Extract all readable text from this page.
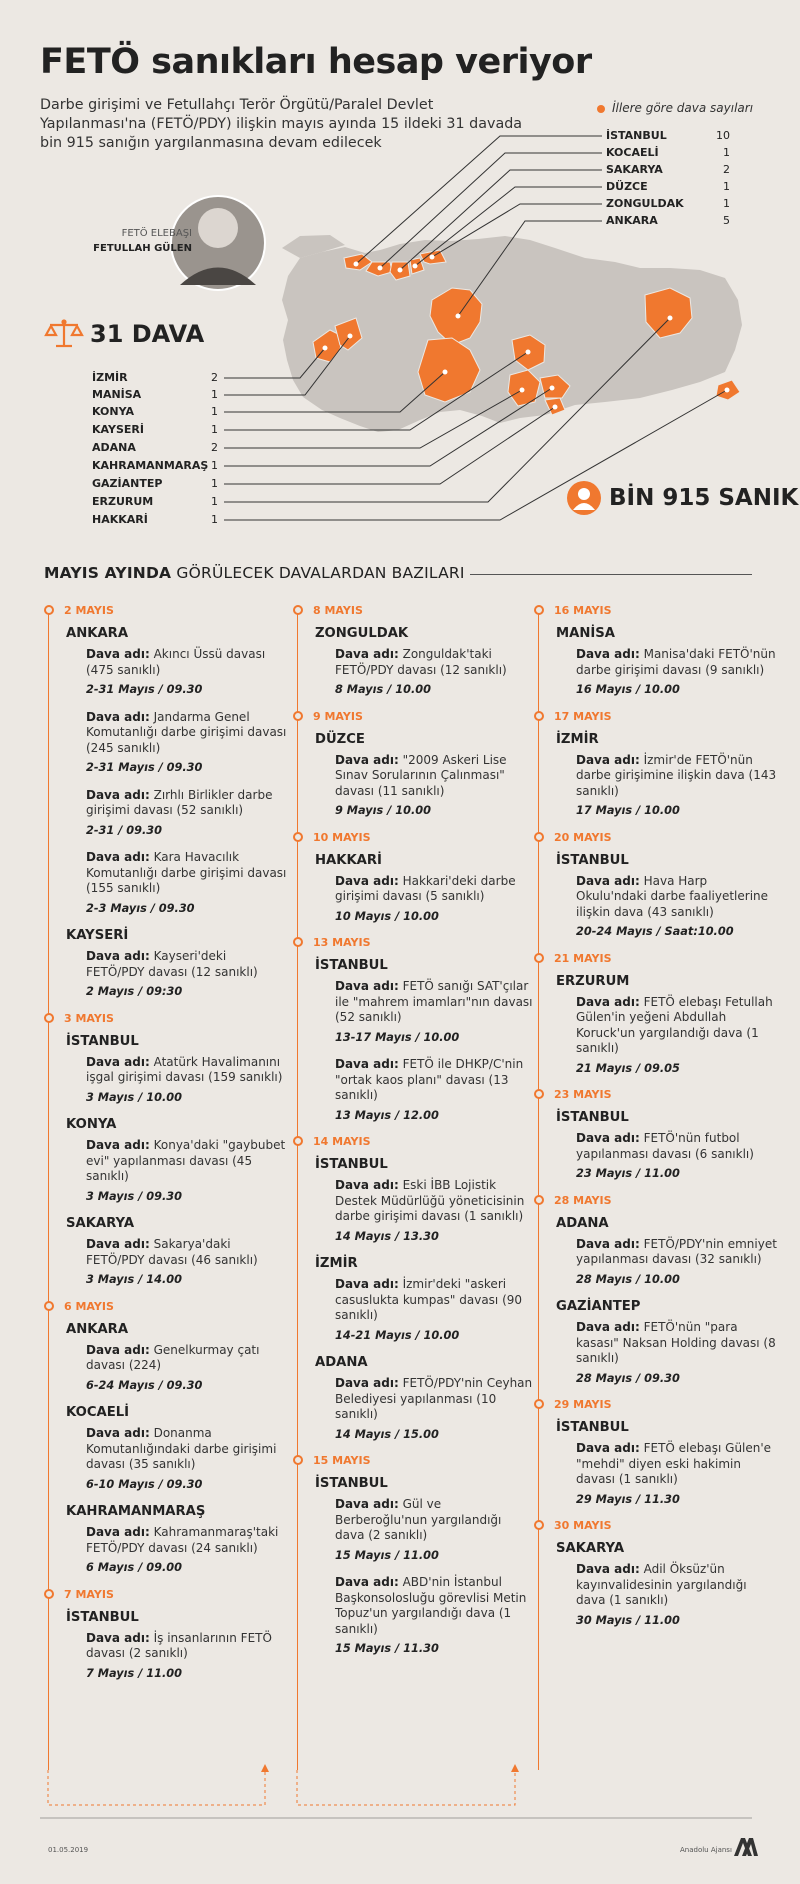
FETÖ sanıkları hesap veriyor
Darbe girişimi ve Fetullahçı Terör Örgütü/Paralel Devlet Yapılanması'na (FETÖ/PDY) ilişkin mayıs ayında 15 ildeki 31 davada bin 915 sanığın yargılanmasına devam edilecek
İllere göre dava sayıları
İSTANBUL	10
KOCAELİ	1
SAKARYA	2
DÜZCE	1
ZONGULDAK	1
ANKARA	5
FETÖ ELEBAŞI
FETULLAH GÜLEN
31 DAVA
İZMİR	2
MANİSA	1
KONYA	1
KAYSERİ	1
ADANA	2
KAHRAMANMARAŞ 1
GAZİANTEP	1
ERZURUM	1
HAKKARİ	1
BİN 915 SANIK
MAYIS AYINDA GÖRÜLECEK DAVALARDAN BAZILARI
2 MAYIS
ANKARA
Dava adı: Akıncı Üssü davası (475 sanıklı)
2-31 Mayıs / 09.30
Dava adı: Jandarma Genel Komutanlığı darbe girişimi davası (245 sanıklı)
2-31 Mayıs / 09.30
Dava adı: Zırhlı Birlikler darbe girişimi davası (52 sanıklı)
2-31 / 09.30
Dava adı: Kara Havacılık Komutanlığı darbe girişimi davası (155 sanıklı)
2-3 Mayıs / 09.30
KAYSERİ
Dava adı: Kayseri'deki FETÖ/PDY davası (12 sanıklı)
2 Mayıs / 09:30
3 MAYIS
İSTANBUL
Dava adı: Atatürk Havalimanını işgal girişimi davası (159 sanıklı)
3 Mayıs / 10.00
KONYA
Dava adı: Konya'daki "gaybubet evi" yapılanması davası (45 sanıklı)
3 Mayıs / 09.30
SAKARYA
Dava adı: Sakarya'daki FETÖ/PDY davası (46 sanıklı)
3 Mayıs / 14.00
6 MAYIS
ANKARA
Dava adı: Genelkurmay çatı davası (224)
6-24 Mayıs / 09.30
KOCAELİ
Dava adı: Donanma Komutanlığındaki darbe girişimi davası (35 sanıklı)
6-10 Mayıs / 09.30
KAHRAMANMARAŞ
Dava adı: Kahramanmaraş'taki FETÖ/PDY davası (24 sanıklı)
6 Mayıs / 09.00
7 MAYIS
İSTANBUL
Dava adı: İş insanlarının FETÖ davası (2 sanıklı)
7 Mayıs / 11.00
8 MAYIS
ZONGULDAK
Dava adı: Zonguldak'taki FETÖ/PDY davası (12 sanıklı)
8 Mayıs / 10.00
9 MAYIS
DÜZCE
Dava adı: "2009 Askeri Lise Sınav Sorularının Çalınması" davası (11 sanıklı)
9 Mayıs / 10.00
10 MAYIS
HAKKARİ
Dava adı: Hakkari'deki darbe girişimi davası (5 sanıklı)
10 Mayıs / 10.00
13 MAYIS
İSTANBUL
Dava adı: FETÖ sanığı SAT'çılar ile "mahrem imamları"nın davası (52 sanıklı)
13-17 Mayıs / 10.00
Dava adı: FETÖ ile DHKP/C'nin "ortak kaos planı" davası (13 sanıklı)
13 Mayıs / 12.00
14 MAYIS
İSTANBUL
Dava adı: Eski İBB Lojistik Destek Müdürlüğü yöneticisinin darbe girişimi davası (1 sanıklı)
14 Mayıs / 13.30
İZMİR
Dava adı: İzmir'deki "askeri casuslukta kumpas" davası (90 sanıklı)
14-21 Mayıs / 10.00
ADANA
Dava adı: FETÖ/PDY'nin Ceyhan Belediyesi yapılanması (10 sanıklı)
14 Mayıs / 15.00
15 MAYIS
İSTANBUL
Dava adı: Gül ve Berberoğlu'nun yargılandığı dava (2 sanıklı)
15 Mayıs / 11.00
Dava adı: ABD'nin İstanbul Başkonsolosluğu görevlisi Metin Topuz'un yargılandığı dava (1 sanıklı)
15 Mayıs / 11.30
16 MAYIS
MANİSA
Dava adı: Manisa'daki FETÖ'nün darbe girişimi davası (9 sanıklı)
16 Mayıs / 10.00
17 MAYIS
İZMİR
Dava adı: İzmir'de FETÖ'nün darbe girişimine ilişkin dava (143 sanıklı)
17 Mayıs / 10.00
20 MAYIS
İSTANBUL
Dava adı: Hava Harp Okulu'ndaki darbe faaliyetlerine ilişkin dava (43 sanıklı)
20-24 Mayıs / Saat:10.00
21 MAYIS
ERZURUM
Dava adı: FETÖ elebaşı Fetullah Gülen'in yeğeni Abdullah Koruck'un yargılandığı dava (1 sanıklı)
21 Mayıs / 09.05
23 MAYIS
İSTANBUL
Dava adı: FETÖ'nün futbol yapılanması davası (6 sanıklı)
23 Mayıs / 11.00
28 MAYIS
ADANA
Dava adı: FETÖ/PDY'nin emniyet yapılanması davası (32 sanıklı)
28 Mayıs / 10.00
GAZİANTEP
Dava adı: FETÖ'nün "para kasası" Naksan Holding davası (8 sanıklı)
28 Mayıs / 09.30
29 MAYIS
İSTANBUL
Dava adı: FETÖ elebaşı Gülen'e "mehdi" diyen eski hakimin davası (1 sanıklı)
29 Mayıs / 11.30
30 MAYIS
SAKARYA
Dava adı: Adil Öksüz'ün kayınvalidesinin yargılandığı dava (1 sanıklı)
30 Mayıs / 11.00
01.05.2019	Anadolu Ajansı
